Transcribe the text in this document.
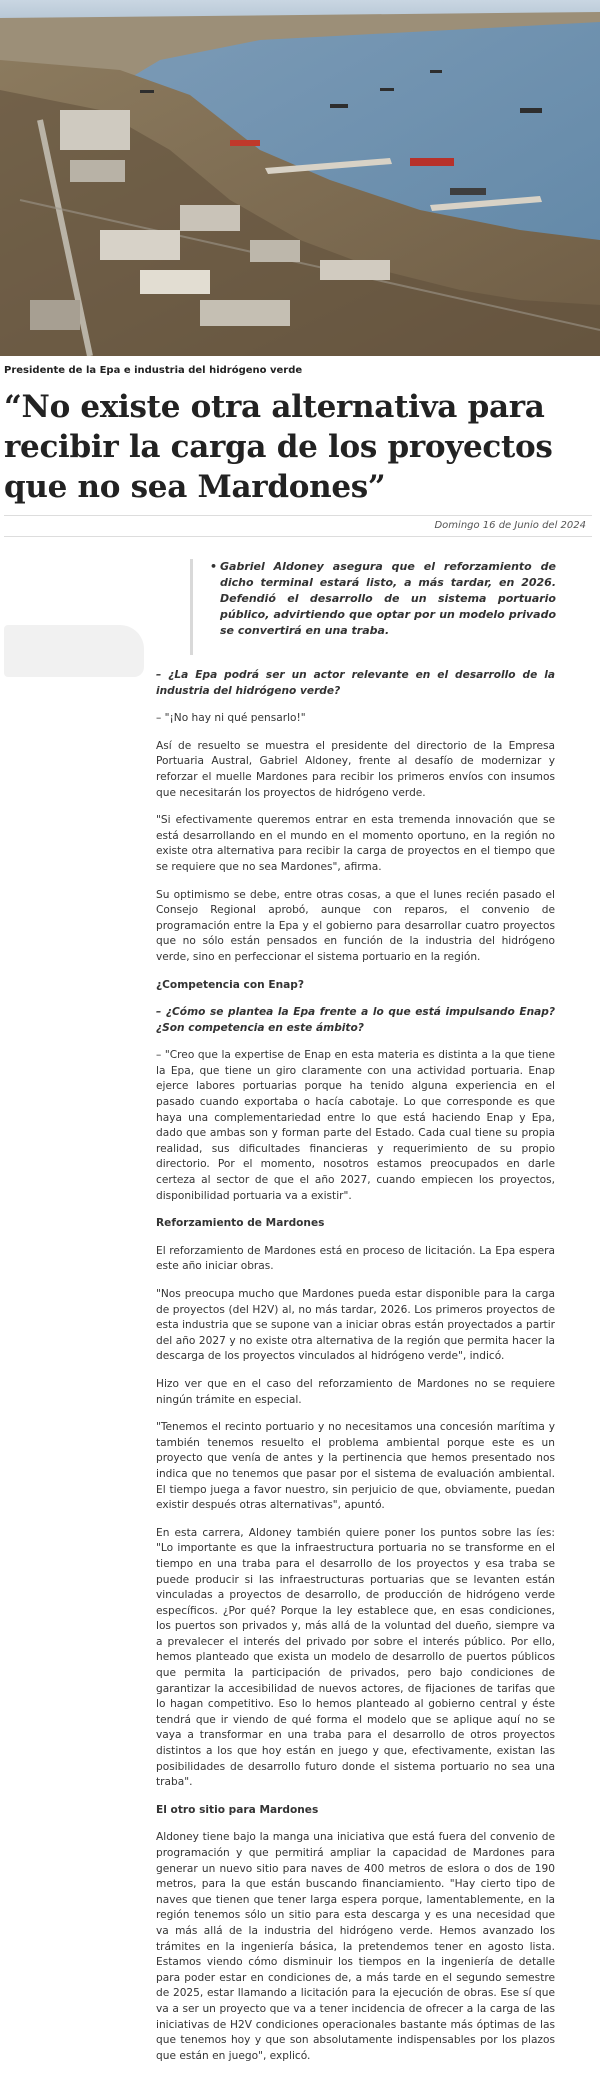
Presidente de la Epa e industria del hidrógeno verde
“No existe otra alternativa para recibir la carga de los proyectos que no sea Mardones”
Domingo 16 de Junio del 2024
• Gabriel Aldoney asegura que el reforzamiento de dicho terminal estará listo, a más tardar, en 2026. Defendió el desarrollo de un sistema portuario público, advirtiendo que optar por un modelo privado se convertirá en una traba.

– ¿La Epa podrá ser un actor relevante en el desarrollo de la industria del hidrógeno verde?

– "¡No hay ni qué pensarlo!"

Así de resuelto se muestra el presidente del directorio de la Empresa Portuaria Austral, Gabriel Aldoney, frente al desafío de modernizar y reforzar el muelle Mardones para recibir los primeros envíos con insumos que necesitarán los proyectos de hidrógeno verde.

"Si efectivamente queremos entrar en esta tremenda innovación que se está desarrollando en el mundo en el momento oportuno, en la región no existe otra alternativa para recibir la carga de proyectos en el tiempo que se requiere que no sea Mardones", afirma.

Su optimismo se debe, entre otras cosas, a que el lunes recién pasado el Consejo Regional aprobó, aunque con reparos, el convenio de programación entre la Epa y el gobierno para desarrollar cuatro proyectos que no sólo están pensados en función de la industria del hidrógeno verde, sino en perfeccionar el sistema portuario en la región.

¿Competencia con Enap?

– ¿Cómo se plantea la Epa frente a lo que está impulsando Enap? ¿Son competencia en este ámbito?

– "Creo que la expertise de Enap en esta materia es distinta a la que tiene la Epa, que tiene un giro claramente con una actividad portuaria. Enap ejerce labores portuarias porque ha tenido alguna experiencia en el pasado cuando exportaba o hacía cabotaje. Lo que corresponde es que haya una complementariedad entre lo que está haciendo Enap y Epa, dado que ambas son y forman parte del Estado. Cada cual tiene su propia realidad, sus dificultades financieras y requerimiento de su propio directorio. Por el momento, nosotros estamos preocupados en darle certeza al sector de que el año 2027, cuando empiecen los proyectos, disponibilidad portuaria va a existir".

Reforzamiento de Mardones

El reforzamiento de Mardones está en proceso de licitación. La Epa espera este año iniciar obras.

"Nos preocupa mucho que Mardones pueda estar disponible para la carga de proyectos (del H2V) al, no más tardar, 2026. Los primeros proyectos de esta industria que se supone van a iniciar obras están proyectados a partir del año 2027 y no existe otra alternativa de la región que permita hacer la descarga de los proyectos vinculados al hidrógeno verde", indicó.

Hizo ver que en el caso del reforzamiento de Mardones no se requiere ningún trámite en especial.

"Tenemos el recinto portuario y no necesitamos una concesión marítima y también tenemos resuelto el problema ambiental porque este es un proyecto que venía de antes y la pertinencia que hemos presentado nos indica que no tenemos que pasar por el sistema de evaluación ambiental. El tiempo juega a favor nuestro, sin perjuicio de que, obviamente, puedan existir después otras alternativas", apuntó.

En esta carrera, Aldoney también quiere poner los puntos sobre las íes: "Lo importante es que la infraestructura portuaria no se transforme en el tiempo en una traba para el desarrollo de los proyectos y esa traba se puede producir si las infraestructuras portuarias que se levanten están vinculadas a proyectos de desarrollo, de producción de hidrógeno verde específicos. ¿Por qué? Porque la ley establece que, en esas condiciones, los puertos son privados y, más allá de la voluntad del dueño, siempre va a prevalecer el interés del privado por sobre el interés público. Por ello, hemos planteado que exista un modelo de desarrollo de puertos públicos que permita la participación de privados, pero bajo condiciones de garantizar la accesibilidad de nuevos actores, de fijaciones de tarifas que lo hagan competitivo. Eso lo hemos planteado al gobierno central y éste tendrá que ir viendo de qué forma el modelo que se aplique aquí no se vaya a transformar en una traba para el desarrollo de otros proyectos distintos a los que hoy están en juego y que, efectivamente, existan las posibilidades de desarrollo futuro donde el sistema portuario no sea una traba".

El otro sitio para Mardones

Aldoney tiene bajo la manga una iniciativa que está fuera del convenio de programación y que permitirá ampliar la capacidad de Mardones para generar un nuevo sitio para naves de 400 metros de eslora o dos de 190 metros, para la que están buscando financiamiento. "Hay cierto tipo de naves que tienen que tener larga espera porque, lamentablemente, en la región tenemos sólo un sitio para esta descarga y es una necesidad que va más allá de la industria del hidrógeno verde. Hemos avanzado los trámites en la ingeniería básica, la pretendemos tener en agosto lista. Estamos viendo cómo disminuir los tiempos en la ingeniería de detalle para poder estar en condiciones de, a más tarde en el segundo semestre de 2025, estar llamando a licitación para la ejecución de obras. Ese sí que va a ser un proyecto que va a tener incidencia de ofrecer a la carga de las iniciativas de H2V condiciones operacionales bastante más óptimas de las que tenemos hoy y que son absolutamente indispensables por los plazos que están en juego", explicó.
